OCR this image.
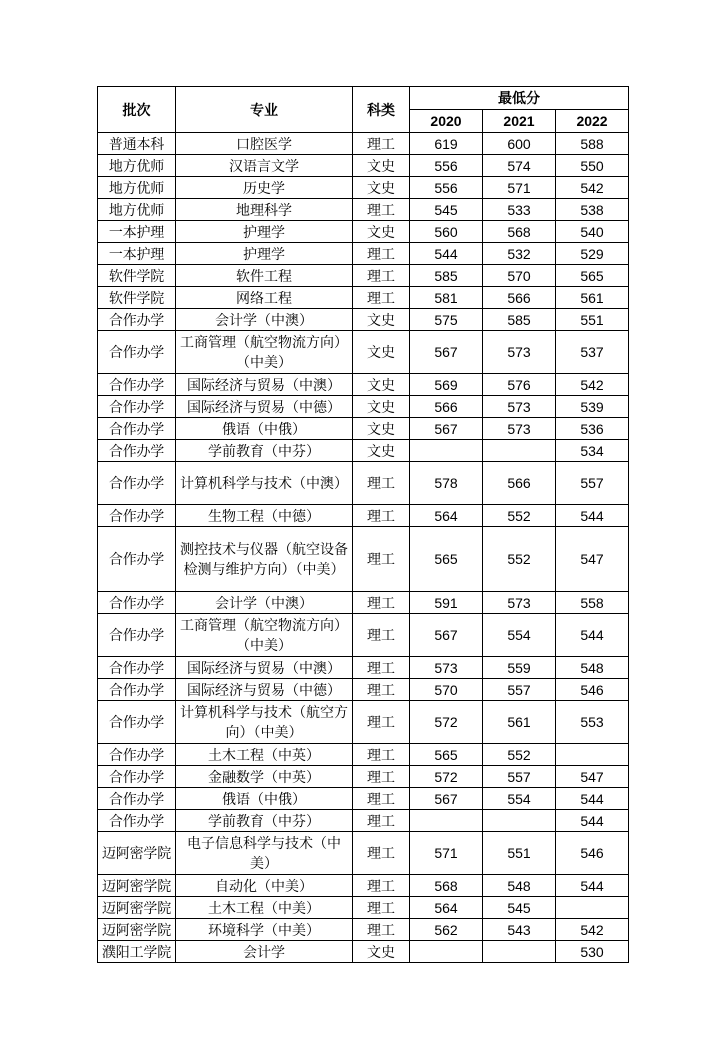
批次	专业	科类	最低分		
			2020	2021	2022
普通本科	口腔医学	理工	619	600	588
地方优师	汉语言文学	文史	556	574	550
地方优师	历史学	文史	556	571	542
地方优师	地理科学	理工	545	533	538
一本护理	护理学	文史	560	568	540
一本护理	护理学	理工	544	532	529
软件学院	软件工程	理工	585	570	565
软件学院	网络工程	理工	581	566	561
合作办学	会计学（中澳）	文史	575	585	551
合作办学	工商管理（航空物流方向）（中美）	文史	567	573	537
合作办学	国际经济与贸易（中澳）	文史	569	576	542
合作办学	国际经济与贸易（中德）	文史	566	573	539
合作办学	俄语（中俄）	文史	567	573	536
合作办学	学前教育（中芬）	文史			534
合作办学	计算机科学与技术（中澳）	理工	578	566	557
合作办学	生物工程（中德）	理工	564	552	544
合作办学	测控技术与仪器（航空设备检测与维护方向）（中美）	理工	565	552	547
合作办学	会计学（中澳）	理工	591	573	558
合作办学	工商管理（航空物流方向）（中美）	理工	567	554	544
合作办学	国际经济与贸易（中澳）	理工	573	559	548
合作办学	国际经济与贸易（中德）	理工	570	557	546
合作办学	计算机科学与技术（航空方向）（中美）	理工	572	561	553
合作办学	土木工程（中英）	理工	565	552	
合作办学	金融数学（中英）	理工	572	557	547
合作办学	俄语（中俄）	理工	567	554	544
合作办学	学前教育（中芬）	理工			544
迈阿密学院	电子信息科学与技术（中美）	理工	571	551	546
迈阿密学院	自动化（中美）	理工	568	548	544
迈阿密学院	土木工程（中美）	理工	564	545	
迈阿密学院	环境科学（中美）	理工	562	543	542
濮阳工学院	会计学	文史			530
